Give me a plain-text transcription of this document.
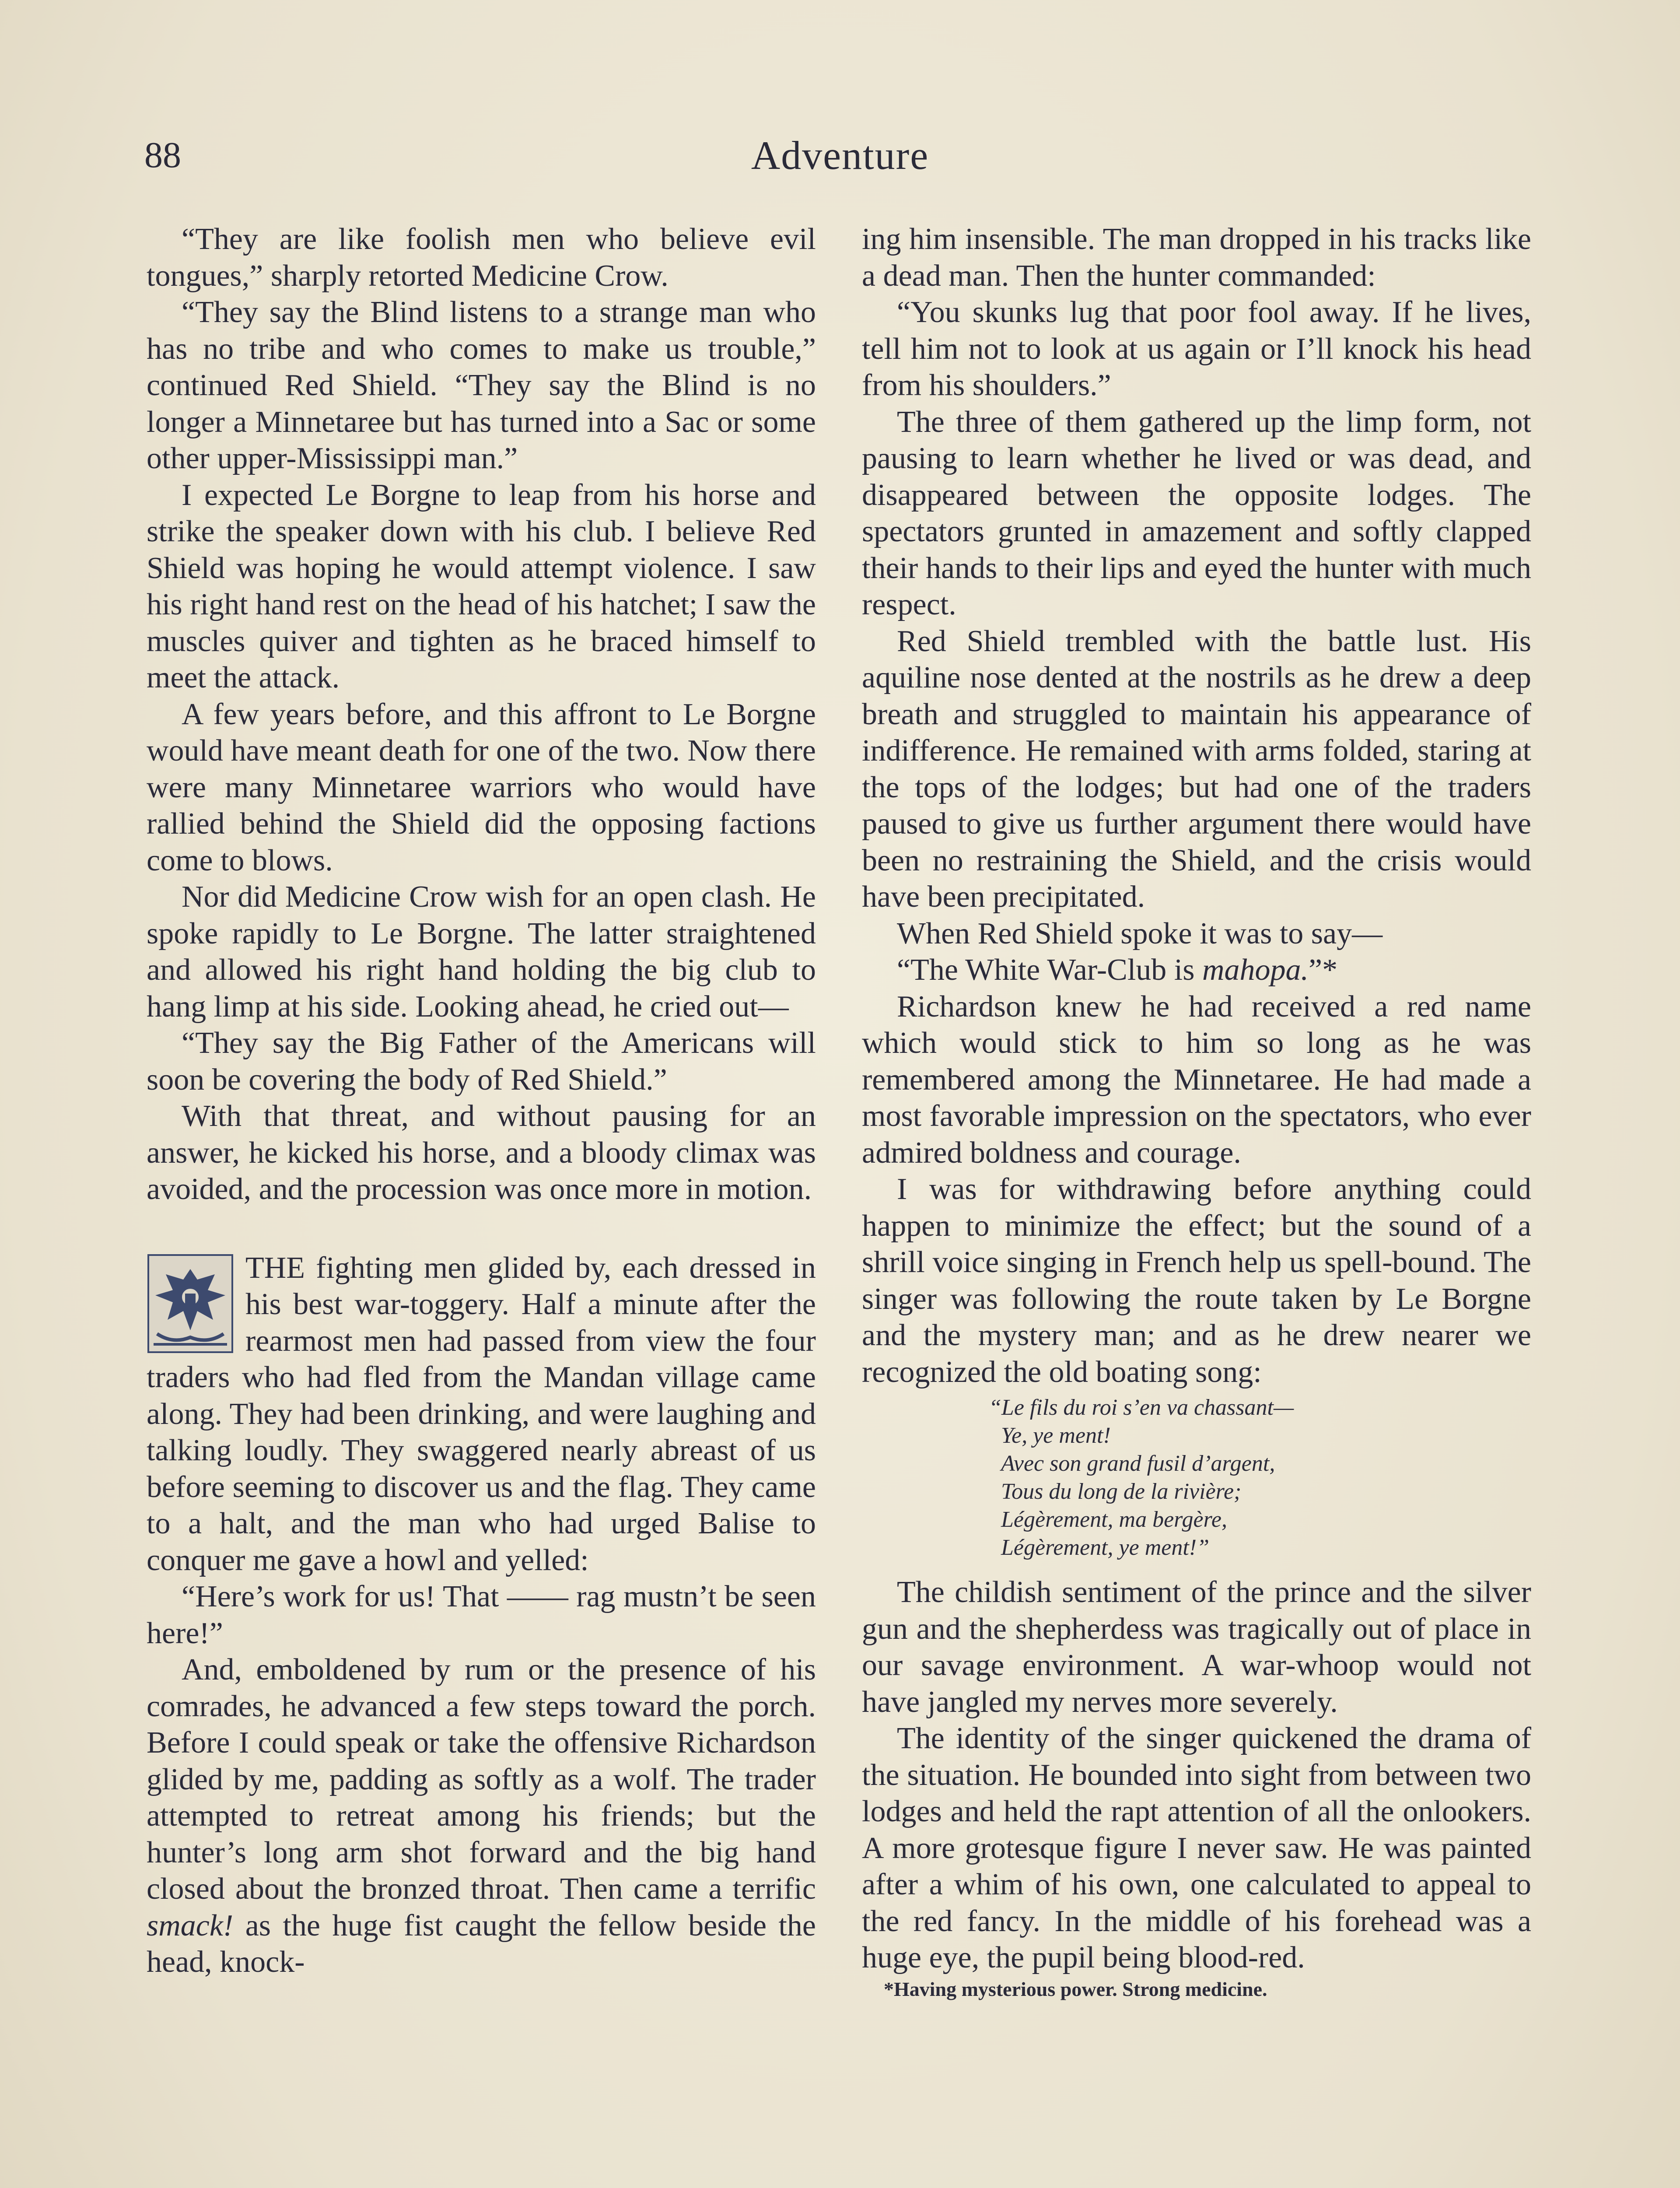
88	Adventure

“They are like foolish men who believe evil tongues,” sharply retorted Medicine Crow.

“They say the Blind listens to a strange man who has no tribe and who comes to make us trouble,” continued Red Shield. “They say the Blind is no longer a Minnetaree but has turned into a Sac or some other upper-Mississippi man.”

I expected Le Borgne to leap from his horse and strike the speaker down with his club. I believe Red Shield was hoping he would attempt violence. I saw his right hand rest on the head of his hatchet; I saw the muscles quiver and tighten as he braced himself to meet the attack.

A few years before, and this affront to Le Borgne would have meant death for one of the two. Now there were many Minnetaree warriors who would have rallied behind the Shield did the opposing factions come to blows.

Nor did Medicine Crow wish for an open clash. He spoke rapidly to Le Borgne. The latter straightened and allowed his right hand holding the big club to hang limp at his side. Looking ahead, he cried out—

“They say the Big Father of the Americans will soon be covering the body of Red Shield.”

With that threat, and without pausing for an answer, he kicked his horse, and a bloody climax was avoided, and the procession was once more in motion.

THE fighting men glided by, each dressed in his best war-toggery. Half a minute after the rearmost men had passed from view the four traders who had fled from the Mandan village came along. They had been drinking, and were laughing and talking loudly. They swaggered nearly abreast of us before seeming to discover us and the flag. They came to a halt, and the man who had urged Balise to conquer me gave a howl and yelled:

“Here’s work for us! That —— rag mustn’t be seen here!”

And, emboldened by rum or the presence of his comrades, he advanced a few steps toward the porch. Before I could speak or take the offensive Richardson glided by me, padding as softly as a wolf. The trader attempted to retreat among his friends; but the hunter’s long arm shot forward and the big hand closed about the bronzed throat. Then came a terrific smack! as the huge fist caught the fellow beside the head, knock-

ing him insensible. The man dropped in his tracks like a dead man. Then the hunter commanded:

“You skunks lug that poor fool away. If he lives, tell him not to look at us again or I’ll knock his head from his shoulders.”

The three of them gathered up the limp form, not pausing to learn whether he lived or was dead, and disappeared between the opposite lodges. The spectators grunted in amazement and softly clapped their hands to their lips and eyed the hunter with much respect.

Red Shield trembled with the battle lust. His aquiline nose dented at the nostrils as he drew a deep breath and struggled to maintain his appearance of indifference. He remained with arms folded, staring at the tops of the lodges; but had one of the traders paused to give us further argument there would have been no restraining the Shield, and the crisis would have been precipitated.

When Red Shield spoke it was to say—

“The White War-Club is mahopa.”*

Richardson knew he had received a red name which would stick to him so long as he was remembered among the Minnetaree. He had made a most favorable impression on the spectators, who ever admired boldness and courage.

I was for withdrawing before anything could happen to minimize the effect; but the sound of a shrill voice singing in French help us spell-bound. The singer was following the route taken by Le Borgne and the mystery man; and as he drew nearer we recognized the old boating song:

“Le fils du roi s’en va chassant—
Ye, ye ment!
Avec son grand fusil d’argent,
Tous du long de la rivière;
Légèrement, ma bergère,
Légèrement, ye ment!”

The childish sentiment of the prince and the silver gun and the shepherdess was tragically out of place in our savage environment. A war-whoop would not have jangled my nerves more severely.

The identity of the singer quickened the drama of the situation. He bounded into sight from between two lodges and held the rapt attention of all the onlookers. A more grotesque figure I never saw. He was painted after a whim of his own, one calculated to appeal to the red fancy. In the middle of his forehead was a huge eye, the pupil being blood-red.

*Having mysterious power. Strong medicine.
